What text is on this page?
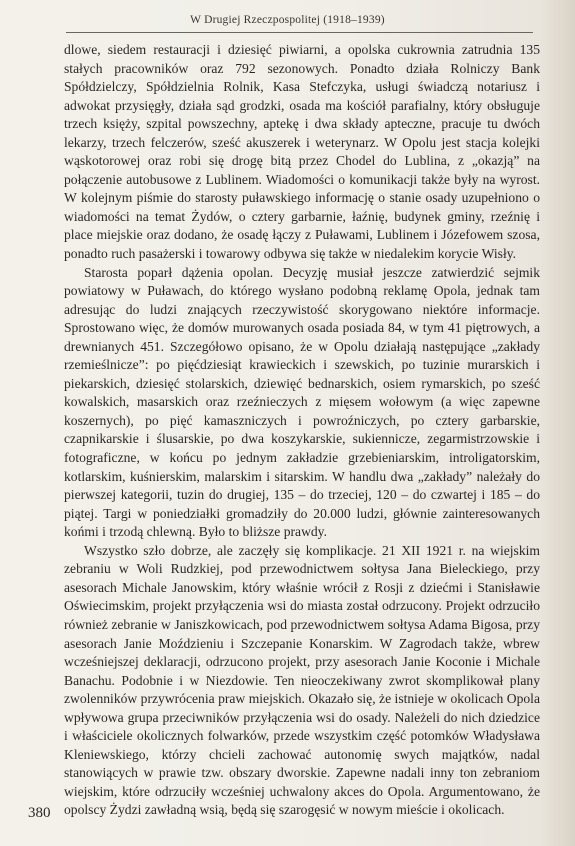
W Drugiej Rzeczpospolitej (1918–1939)

dlowe, siedem restauracji i dziesięć piwiarni, a opolska cukrownia zatrudnia 135 stałych pracowników oraz 792 sezonowych. Ponadto działa Rolniczy Bank Spółdzielczy, Spółdzielnia Rolnik, Kasa Stefczyka, usługi świadczą notariusz i adwokat przysięgły, działa sąd grodzki, osada ma kościół parafialny, który obsługuje trzech księży, szpital powszechny, aptekę i dwa składy apteczne, pracuje tu dwóch lekarzy, trzech felczerów, sześć akuszerek i weterynarz. W Opolu jest stacja kolejki wąskotorowej oraz robi się drogę bitą przez Chodel do Lublina, z „okazją” na połączenie autobusowe z Lublinem. Wiadomości o komunikacji także były na wyrost. W kolejnym piśmie do starosty puławskiego informację o stanie osady uzupełniono o wiadomości na temat Żydów, o cztery garbarnie, łaźnię, budynek gminy, rzeźnię i place miejskie oraz dodano, że osadę łączy z Puławami, Lublinem i Józefowem szosa, ponadto ruch pasażerski i towarowy odbywa się także w niedalekim korycie Wisły.

Starosta poparł dążenia opolan. Decyzję musiał jeszcze zatwierdzić sejmik powiatowy w Puławach, do którego wysłano podobną reklamę Opola, jednak tam adresując do ludzi znających rzeczywistość skorygowano niektóre informacje. Sprostowano więc, że domów murowanych osada posiada 84, w tym 41 piętrowych, a drewnianych 451. Szczegółowo opisano, że w Opolu działają następujące „zakłady rzemieślnicze”: po pięćdziesiąt krawieckich i szewskich, po tuzinie murarskich i piekarskich, dziesięć stolarskich, dziewięć bednarskich, osiem rymarskich, po sześć kowalskich, masarskich oraz rzeźnieczych z mięsem wołowym (a więc zapewne koszernych), po pięć kamaszniczych i powroźniczych, po cztery garbarskie, czapnikarskie i ślusarskie, po dwa koszykarskie, sukiennicze, zegarmistrzowskie i fotograficzne, w końcu po jednym zakładzie grzebieniarskim, introligatorskim, kotlarskim, kuśnierskim, malarskim i sitarskim. W handlu dwa „zakłady” należały do pierwszej kategorii, tuzin do drugiej, 135 – do trzeciej, 120 – do czwartej i 185 – do piątej. Targi w poniedziałki gromadziły do 20.000 ludzi, głównie zainteresowanych końmi i trzodą chlewną. Było to bliższe prawdy.

Wszystko szło dobrze, ale zaczęły się komplikacje. 21 XII 1921 r. na wiejskim zebraniu w Woli Rudzkiej, pod przewodnictwem sołtysa Jana Bieleckiego, przy asesorach Michale Janowskim, który właśnie wrócił z Rosji z dziećmi i Stanisławie Oświecimskim, projekt przyłączenia wsi do miasta został odrzucony. Projekt odrzuciło również zebranie w Janiszkowicach, pod przewodnictwem sołtysa Adama Bigosa, przy asesorach Janie Moździeniu i Szczepanie Konarskim. W Zagrodach także, wbrew wcześniejszej deklaracji, odrzucono projekt, przy asesorach Janie Koconie i Michale Banachu. Podobnie i w Niezdowie. Ten nieoczekiwany zwrot skomplikował plany zwolenników przywrócenia praw miejskich. Okazało się, że istnieje w okolicach Opola wpływowa grupa przeciwników przyłączenia wsi do osady. Należeli do nich dziedzice i właściciele okolicznych folwarków, przede wszystkim część potomków Władysława Kleniewskiego, którzy chcieli zachować autonomię swych majątków, nadal stanowiących w prawie tzw. obszary dworskie. Zapewne nadali inny ton zebraniom wiejskim, które odrzuciły wcześniej uchwalony akces do Opola. Argumentowano, że opolscy Żydzi zawładną wsią, będą się szarogęsić w nowym mieście i okolicach.

380
